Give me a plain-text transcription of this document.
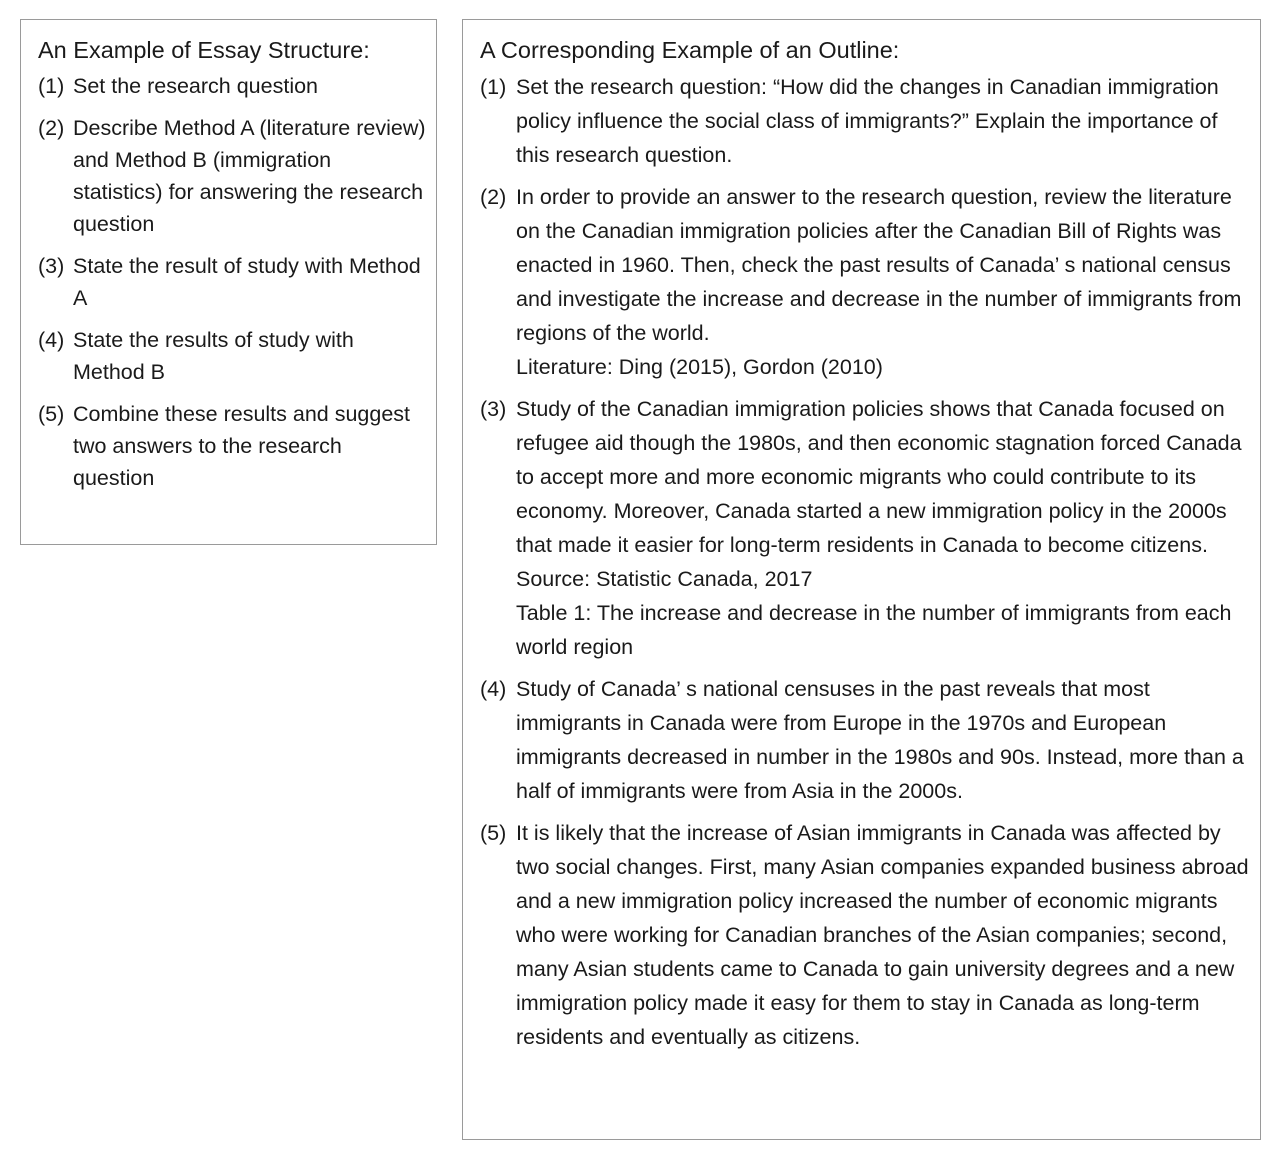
An Example of Essay Structure:
(1) Set the research question
(2) Describe Method A (literature review) and Method B (immigration statistics) for answering the research question
(3) State the result of study with Method A
(4) State the results of study with Method B
(5) Combine these results and suggest two answers to the research question
A Corresponding Example of an Outline:
(1) Set the research question: “How did the changes in Canadian immigration policy influence the social class of immigrants?” Explain the importance of this research question.
(2) In order to provide an answer to the research question, review the literature on the Canadian immigration policies after the Canadian Bill of Rights was enacted in 1960. Then, check the past results of Canada’ s national census and investigate the increase and decrease in the number of immigrants from regions of the world.
Literature: Ding (2015), Gordon (2010)
(3) Study of the Canadian immigration policies shows that Canada focused on refugee aid though the 1980s, and then economic stagnation forced Canada to accept more and more economic migrants who could contribute to its economy. Moreover, Canada started a new immigration policy in the 2000s that made it easier for long-term residents in Canada to become citizens.
Source: Statistic Canada, 2017
Table 1: The increase and decrease in the number of immigrants from each world region
(4) Study of Canada’ s national censuses in the past reveals that most immigrants in Canada were from Europe in the 1970s and European immigrants decreased in number in the 1980s and 90s. Instead, more than a half of immigrants were from Asia in the 2000s.
(5) It is likely that the increase of Asian immigrants in Canada was affected by two social changes. First, many Asian companies expanded business abroad and a new immigration policy increased the number of economic migrants who were working for Canadian branches of the Asian companies; second, many Asian students came to Canada to gain university degrees and a new immigration policy made it easy for them to stay in Canada as long-term residents and eventually as citizens.
